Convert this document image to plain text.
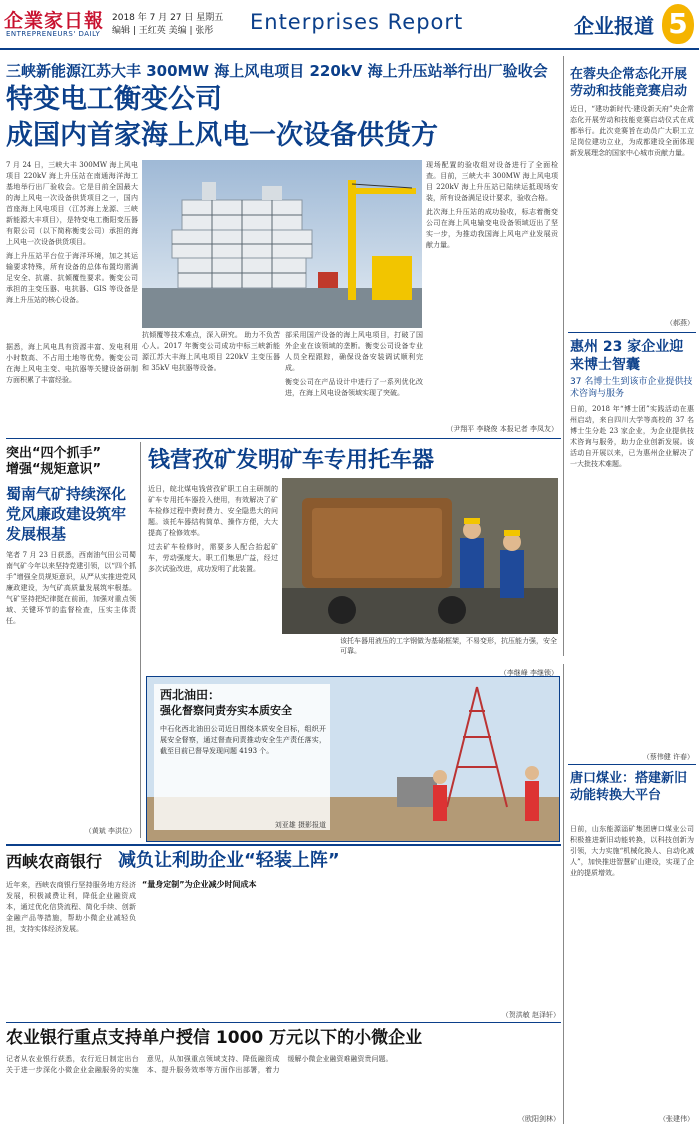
企業家日報
ENTREPRENEURS' DAILY
2018 年 7 月 27 日 星期五
编辑 | 王红英 美编 | 张彤	Enterprises Report	企业报道 5
三峡新能源江苏大丰 300MW 海上风电项目 220kV 海上升压站举行出厂验收会
特变电工衡变公司
成国内首家海上风电一次设备供货方

7 月 24 日，三峡大丰 300MW 海上风电项目 220kV 海上升压站在南通海洋海工基地举行出厂验收会。它是目前全国最大的海上风电一次设备供货项目之一，国内首座海上风电项目（江苏海上龙源、三峡新能源大丰项目），是特变电工衡阳变压器有限公司（以下简称衡变公司）承担的海上风电一次设备供货项目。

海上升压站平台位于海洋环境，加之其运输要求特殊，所有设备的总体布置均需满足安全、抗震、抗倾覆性要求。衡变公司承担的主变压器、电抗器、GIS 等设备是海上升压站的核心设备。

据悉，海上风电具有资源丰富、发电利用小时数高、不占用土地等优势。衡变公司在海上风电主变、电抗器等关键设备研制方面积累了丰富经验。

抗倾覆等技术难点，深入研究。 助力不负苦心人。2017 年衡变公司成功中标三峡新能源江苏大丰海上风电项目 220kV 主变压器和 35kV 电抗器等设备。

部采用国产设备的海上风电项目，打破了国外企业在该领域的垄断。衡变公司设备专业人员全程跟踪，确保设备安装调试顺利完成。

衡变公司在产品设计中进行了一系列优化改进，在海上风电设备领域实现了突破。

现场配置的验收组对设备进行了全面检查。目前，三峡大丰 300MW 海上风电项目 220kV 海上升压站已陆续运抵现场安装，所有设备满足设计要求，验收合格。

此次海上升压站的成功验收，标志着衡变公司在海上风电输变电设备领域迈出了坚实一步，为推动我国海上风电产业发展贡献力量。

（尹翔平 李晓俊 本报记者 李凤友）
突出“四个抓手”
增强“规矩意识”
蜀南气矿持续深化党风廉政建设筑牢发展根基

笔者 7 月 23 日获悉，西南油气田公司蜀南气矿今年以来坚持党建引领，以“四个抓手”增强全员规矩意识，从严从实推进党风廉政建设，为气矿高质量发展筑牢根基。气矿坚持把纪律挺在前面，加强对重点领域、关键环节的监督检查，压实主体责任。

（黄斌 李洪位）
钱营孜矿发明矿车专用托车器

近日，皖北煤电钱营孜矿职工自主研制的矿车专用托车器投入使用，有效解决了矿车检修过程中费时费力、安全隐患大的问题。该托车器结构简单、操作方便，大大提高了检修效率。

过去矿车检修时，需要多人配合抬起矿车，劳动强度大。职工们集思广益，经过多次试验改进，成功发明了此装置。

该托车器用液压的工字钢做为基础框架，不易变形，抗压能力强，安全可靠。
（李继峰 李继锁）
西北油田：
强化督察问责夯实本质安全
中石化西北油田公司近日围绕本质安全目标，组织开展安全督察，通过督查问责推动安全生产责任落实，截至目前已督导发现问题 4193 个。
刘亚雄 摄影报道
在蓉央企常态化开展劳动和技能竞赛启动
近日，“建功新时代·建设新天府”央企常态化开展劳动和技能竞赛启动仪式在成都举行。此次竞赛旨在动员广大职工立足岗位建功立业，为成都建设全面体现新发展理念的国家中心城市贡献力量。
（郝燕）
惠州 23 家企业迎来博士智囊
37 名博士生到该市企业提供技术咨询与服务
日前，2018 年“博士团”实践活动在惠州启动，来自四川大学等高校的 37 名博士生分赴 23 家企业，为企业提供技术咨询与服务，助力企业创新发展。该活动自开展以来，已为惠州企业解决了一大批技术难题。
（蔡伟健 许春）
唐口煤业：搭建新旧动能转换大平台
日前，山东能源淄矿集团唐口煤业公司积极推进新旧动能转换，以科技创新为引领，大力实施“机械化换人、自动化减人”，加快推进智慧矿山建设，实现了企业的提质增效。
（张建伟）
西峡农商银行 减负让利助企业“轻装上阵”
近年来，西峡农商银行坚持服务地方经济发展，积极减费让利，降低企业融资成本，通过优化信贷流程、简化手续、创新金融产品等措施，帮助小微企业减轻负担，支持实体经济发展。

“量身定制”为企业减少时间成本

（贺洪敏 赵泽轩）
农业银行重点支持单户授信 1000 万元以下的小微企业
记者从农业银行获悉，农行近日制定出台关于进一步深化小微企业金融服务的实施意见，从加强重点领域支持、降低融资成本、提升服务效率等方面作出部署，着力缓解小微企业融资难融资贵问题。
（欧阳剑林）
